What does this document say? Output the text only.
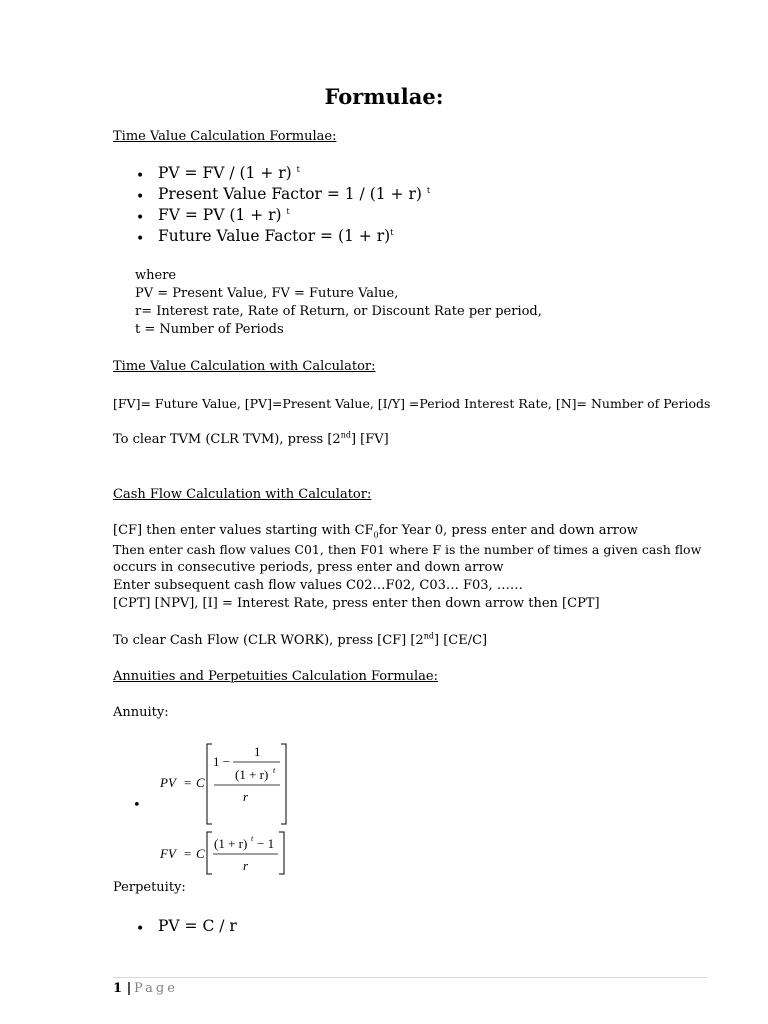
Formulae:
Time Value Calculation Formulae:
• PV = FV / (1 + r) $^t$
• Present Value Factor = 1 / (1 + r) $^t$
• FV = PV (1 + r) $^t$
• Future Value Factor = $(1 + r)^t$
where
PV = Present Value, FV = Future Value,
r= Interest rate, Rate of Return, or Discount Rate per period,
t = Number of Periods
Time Value Calculation with Calculator:
[FV]= Future Value, [PV]=Present Value, [I/Y] =Period Interest Rate, [N]= Number of Periods
To clear TVM (CLR TVM), press [2nd] [FV]
Cash Flow Calculation with Calculator:
[CF] then enter values starting with $CF_0for$ Year 0, press enter and down arrow
Then enter cash flow values C01, then F01 where F is the number of times a given cash flow
occurs in consecutive periods, press enter and down arrow
Enter subsequent cash flow values C02…F02, C03… F03, ……
[CPT] [NPV], [I] = Interest Rate, press enter then down arrow then [CPT]
To clear Cash Flow (CLR WORK), press [CF] [2nd] [CE/C]
Annuities and Perpetuities Calculation Formulae:
Annuity:
•
PV = C
1 −
1
(1 + r) t
r
FV = C
(1 + r) t − 1
r
Perpetuity:
• PV = C / r
1 | Page
